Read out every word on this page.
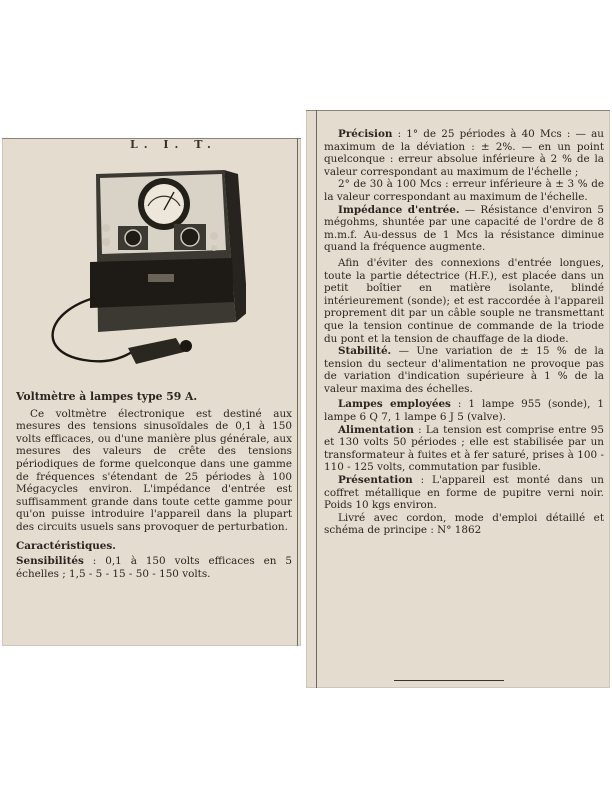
L. I. T.

Voltmètre à lampes type 59 A.

Ce voltmètre électronique est destiné aux mesures des tensions sinusoïdales de 0,1 à 150 volts efficaces, ou d'une manière plus générale, aux mesures des valeurs de crête des tensions périodiques de forme quelconque dans une gamme de fréquences s'étendant de 25 périodes à 100 Mégacycles environ. L'impédance d'entrée est suffisamment grande dans toute cette gamme pour qu'on puisse introduire l'appareil dans la plupart des circuits usuels sans provoquer de perturbation.

Caractéristiques.

Sensibilités : 0,1 à 150 volts efficaces en 5 échelles ; 1,5 - 5 - 15 - 50 - 150 volts.

Précision : 1° de 25 périodes à 40 Mcs : — au maximum de la déviation : ± 2%. — en un point quelconque : erreur absolue inférieure à 2 % de la valeur correspondant au maximum de l'échelle ;

2° de 30 à 100 Mcs : erreur inférieure à ± 3 % de la valeur correspondant au maximum de l'échelle.

Impédance d'entrée. — Résistance d'environ 5 mégohms, shuntée par une capacité de l'ordre de 8 m.m.f. Au-dessus de 1 Mcs la résistance diminue quand la fréquence augmente.

Afin d'éviter des connexions d'entrée longues, toute la partie détectrice (H.F.), est placée dans un petit boîtier en matière isolante, blindé intérieurement (sonde); et est raccordée à l'appareil proprement dit par un câble souple ne transmettant que la tension continue de commande de la triode du pont et la tension de chauffage de la diode.

Stabilité. — Une variation de ± 15 % de la tension du secteur d'alimentation ne provoque pas de variation d'indication supérieure à 1 % de la valeur maxima des échelles.

Lampes employées : 1 lampe 955 (sonde), 1 lampe 6 Q 7, 1 lampe 6 J 5 (valve).

Alimentation : La tension est comprise entre 95 et 130 volts 50 périodes ; elle est stabilisée par un transformateur à fuites et à fer saturé, prises à 100 - 110 - 125 volts, commutation par fusible.

Présentation : L'appareil est monté dans un coffret métallique en forme de pupitre verni noir. Poids 10 kgs environ.

Livré avec cordon, mode d'emploi détaillé et schéma de principe : N° 1862
